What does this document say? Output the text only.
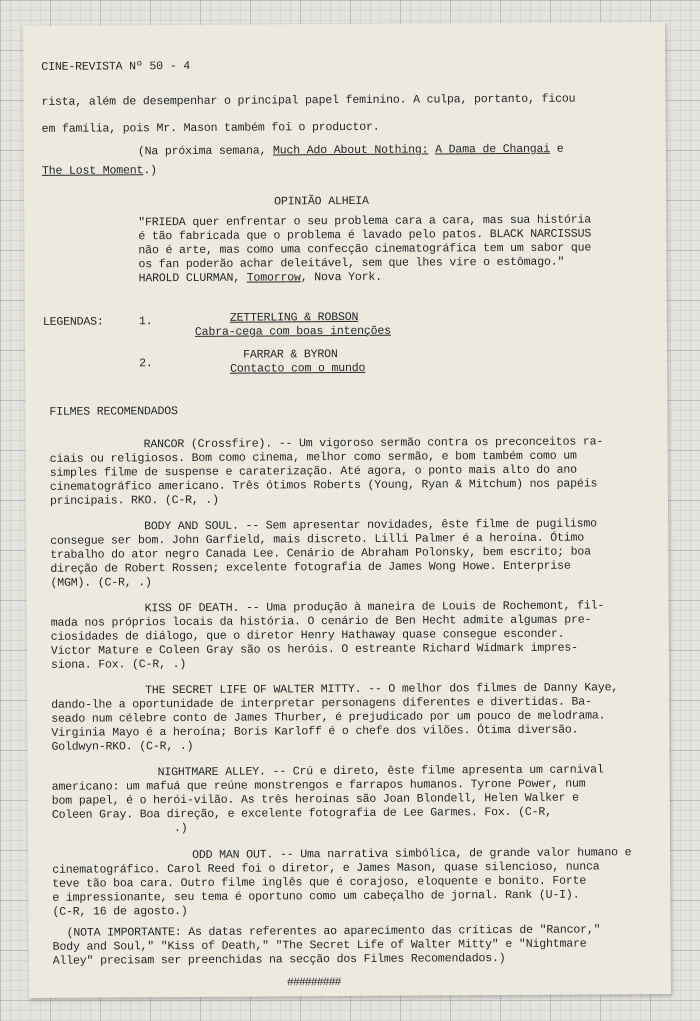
CINE-REVISTA Nº 50 - 4

rista, além de desempenhar o principal papel feminino. A culpa, portanto, ficou

em família, pois Mr. Mason também foi o productor.

(Na próxima semana, Much Ado About Nothing: A Dama de Changai e

The Lost Moment.)

OPINIÃO ALHEIA

"FRIEDA quer enfrentar o seu problema cara a cara, mas sua história

é tão fabricada que o problema é lavado pelo patos. BLACK NARCISSUS

não é arte, mas como uma confecção cinematográfica tem um sabor que

os fan poderão achar deleitável, sem que lhes vire o estômago."

HAROLD CLURMAN, Tomorrow, Nova York.

LEGENDAS:	1.	ZETTERLING & ROBSON

Cabra-cega com boas intenções

2.

FARRAR & BYRON

Contacto com o mundo

FILMES RECOMENDADOS

RANCOR (Crossfire). -- Um vigoroso sermão contra os preconceitos ra-

ciais ou religiosos. Bom como cinema, melhor como sermão, e bom também como um

simples filme de suspense e caraterização. Até agora, o ponto mais alto do ano

cinematográfico americano. Três ótimos Roberts (Young, Ryan & Mitchum) nos papéis

principais. RKO. (C-R, .)

BODY AND SOUL. -- Sem apresentar novidades, êste filme de pugilismo

consegue ser bom. John Garfield, mais discreto. Lilli Palmer é a heroína. Ótimo

trabalho do ator negro Canada Lee. Cenário de Abraham Polonsky, bem escrito; boa

direção de Robert Rossen; excelente fotografia de James Wong Howe. Enterprise

(MGM). (C-R, .)

KISS OF DEATH. -- Uma produção à maneira de Louis de Rochemont, fil-

mada nos próprios locais da história. O cenário de Ben Hecht admite algumas pre-

ciosidades de diálogo, que o diretor Henry Hathaway quase consegue esconder.

Victor Mature e Coleen Gray são os heróis. O estreante Richard Widmark impres-

siona. Fox. (C-R, .)

THE SECRET LIFE OF WALTER MITTY. -- O melhor dos filmes de Danny Kaye,

dando-lhe a oportunidade de interpretar personagens diferentes e divertidas. Ba-

seado num célebre conto de James Thurber, é prejudicado por um pouco de melodrama.

Virginia Mayo é a heroína; Boris Karloff é o chefe dos vilões. Ótima diversão.

Goldwyn-RKO. (C-R, .)

NIGHTMARE ALLEY. -- Crú e direto, êste filme apresenta um carnival

americano: um mafuá que reúne monstrengos e farrapos humanos. Tyrone Power, num

bom papel, é o herói-vilão. As três heroínas são Joan Blondell, Helen Walker e

Coleen Gray. Boa direção, e excelente fotografia de Lee Garmes. Fox. (C-R,

.)

ODD MAN OUT. -- Uma narrativa simbólica, de grande valor humano e

cinematográfico. Carol Reed foi o diretor, e James Mason, quase silencioso, nunca

teve tão boa cara. Outro filme inglês que é corajoso, eloquente e bonito. Forte

e impressionante, seu tema é oportuno como um cabeçalho de jornal. Rank (U-I).

(C-R, 16 de agosto.)

(NOTA IMPORTANTE: As datas referentes ao aparecimento das críticas de "Rancor,"

Body and Soul," "Kiss of Death," "The Secret Life of Walter Mitty" e "Nightmare

Alley" precisam ser preenchidas na secção dos Filmes Recomendados.)

#########
